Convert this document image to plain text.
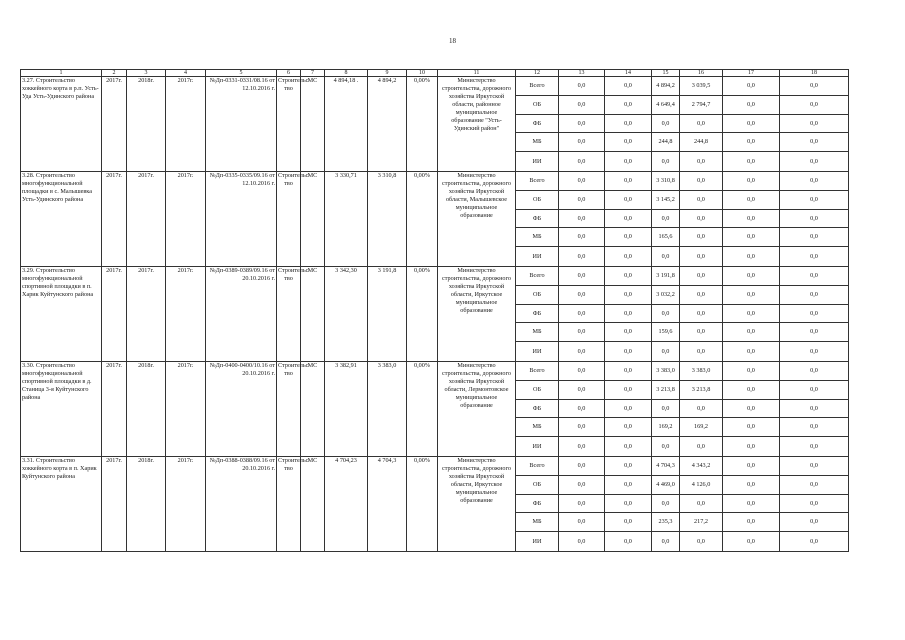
18
1	2	3	4	5	6	7	8	9	10	11	12	13	14	15	16	17	18
3.27. Строительство хоккейного корта в р.п. Усть-Уда Усть-Удинского района	2017г.	2018г.	2017г.	№Дп-0331-0331/08.16 от 12.10.2016 г.	Строительс тво	МС	4 894,18 .	4 894,2	0,00%	Министерство строительства, дорожного хозяйства Иркутской области, районное муниципальное образование "Усть-Удинский район"	Всего	0,0	0,0	4 894,2	3 039,5	0,0	0,0
											ОБ	0,0	0,0	4 649,4	2 794,7	0,0	0,0
											ФБ	0,0	0,0	0,0	0,0	0,0	0,0
											МБ	0,0	0,0	244,8	244,8	0,0	0,0
											ИИ	0,0	0,0	0,0	0,0	0,0	0,0
3.28. Строительство многофункциональной площадки в с. Малышевка Усть-Удинского района	2017г.	2017г.	2017г.	№Дп-0335-0335/09.16 от 12.10.2016 г.	Строительс тво	МС	3 330,71	3 310,8	0,00%	Министерство строительства, дорожного хозяйства Иркутской области, Малышевское муниципальное образование	Всего	0,0	0,0	3 310,8	0,0	0,0	0,0
											ОБ	0,0	0,0	3 145,2	0,0	0,0	0,0
											ФБ	0,0	0,0	0,0	0,0	0,0	0,0
											МБ	0,0	0,0	165,6	0,0	0,0	0,0
											ИИ	0,0	0,0	0,0	0,0	0,0	0,0
3.29. Строительство многофункциональной спортивной площадки в п. Харик Куйтунского района	2017г.	2017г.	2017г.	№Дп-0389-0389/09.16 от 20.10.2016 г.	Строительс тво	МС	3 342,30	3 191,8	0,00%	Министерство строительства, дорожного хозяйства Иркутской области, Иркутское муниципальное образование	Всего	0,0	0,0	3 191,8	0,0	0,0	0,0
											ОБ	0,0	0,0	3 032,2	0,0	0,0	0,0
											ФБ	0,0	0,0	0,0	0,0	0,0	0,0
											МБ	0,0	0,0	159,6	0,0	0,0	0,0
											ИИ	0,0	0,0	0,0	0,0	0,0	0,0
3.30. Строительство многофункциональной спортивной площадки в д. Станица 3-я Куйтунского района	2017г.	2018г.	2017г.	№Дп-0400-0400/10.16 от 20.10.2016 г.	Строительс тво	МС	3 382,91	3 383,0	0,00%	Министерство строительства, дорожного хозяйства Иркутской области, Лермонтовское муниципальное образование	Всего	0,0	0,0	3 383,0	3 383,0	0,0	0,0
											ОБ	0,0	0,0	3 213,8	3 213,8	0,0	0,0
											ФБ	0,0	0,0	0,0	0,0	0,0	0,0
											МБ	0,0	0,0	169,2	169,2	0,0	0,0
											ИИ	0,0	0,0	0,0	0,0	0,0	0,0
3.31. Строительство хоккейного корта в п. Харик Куйтунского района	2017г.	2018г.	2017г.	№Дп-0388-0388/09.16 от 20.10.2016 г.	Строительс тво	МС	4 704,23	4 704,3	0,00%	Министерство строительства, дорожного хозяйства Иркутской области, Иркутское муниципальное образование	Всего	0,0	0,0	4 704,3	4 343,2	0,0	0,0
											ОБ	0,0	0,0	4 469,0	4 126,0	0,0	0,0
											ФБ	0,0	0,0	0,0	0,0	0,0	0,0
											МБ	0,0	0,0	235,3	217,2	0,0	0,0
											ИИ	0,0	0,0	0,0	0,0	0,0	0,0
